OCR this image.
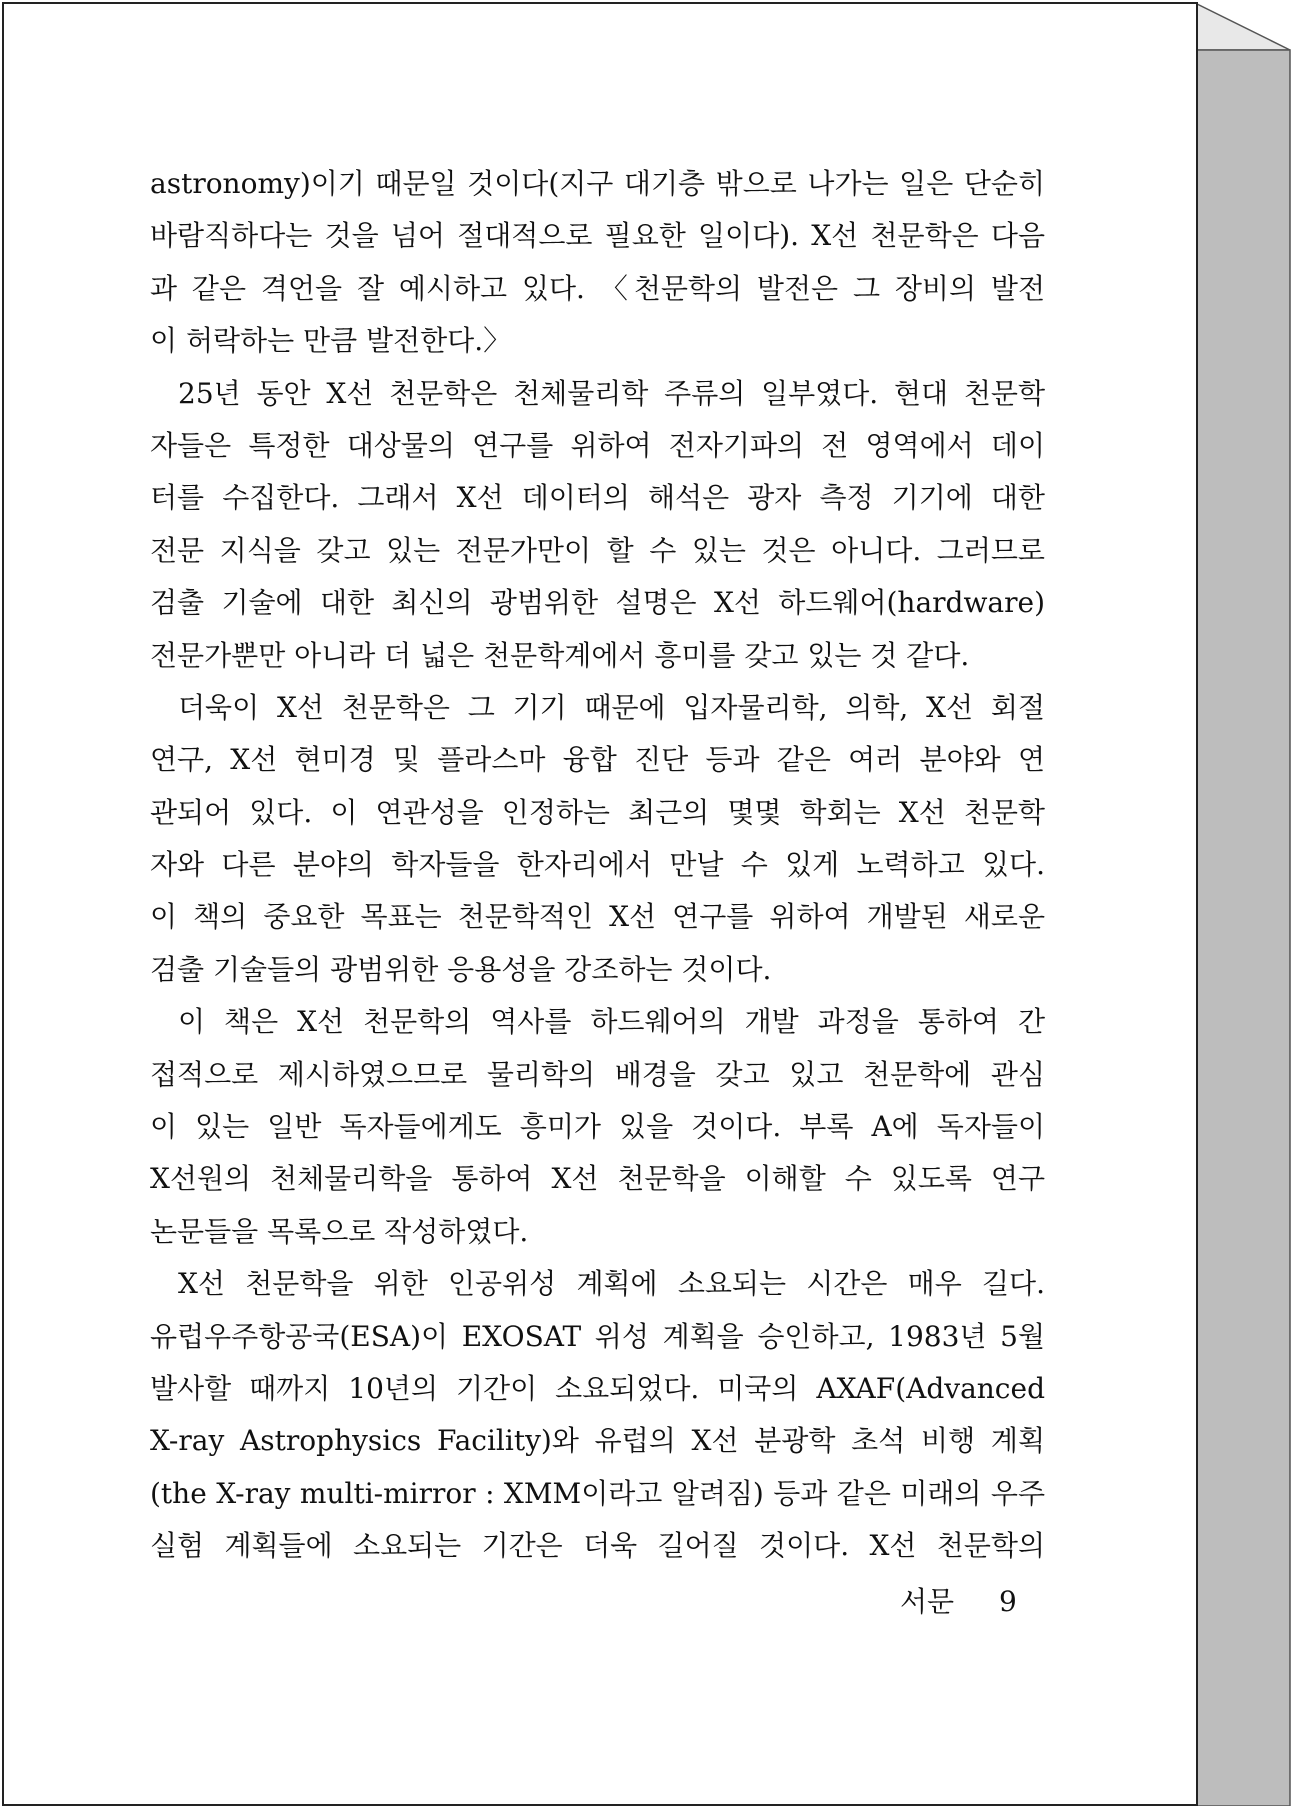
astronomy)이기 때문일 것이다(지구 대기층 밖으로 나가는 일은 단순히
바람직하다는 것을 넘어 절대적으로 필요한 일이다). X선 천문학은 다음
과 같은 격언을 잘 예시하고 있다. 〈천문학의 발전은 그 장비의 발전
이 허락하는 만큼 발전한다.〉
25년 동안 X선 천문학은 천체물리학 주류의 일부였다. 현대 천문학
자들은 특정한 대상물의 연구를 위하여 전자기파의 전 영역에서 데이
터를 수집한다. 그래서 X선 데이터의 해석은 광자 측정 기기에 대한
전문 지식을 갖고 있는 전문가만이 할 수 있는 것은 아니다. 그러므로
검출 기술에 대한 최신의 광범위한 설명은 X선 하드웨어(hardware)
전문가뿐만 아니라 더 넓은 천문학계에서 흥미를 갖고 있는 것 같다.
더욱이 X선 천문학은 그 기기 때문에 입자물리학, 의학, X선 회절
연구, X선 현미경 및 플라스마 융합 진단 등과 같은 여러 분야와 연
관되어 있다. 이 연관성을 인정하는 최근의 몇몇 학회는 X선 천문학
자와 다른 분야의 학자들을 한자리에서 만날 수 있게 노력하고 있다.
이 책의 중요한 목표는 천문학적인 X선 연구를 위하여 개발된 새로운
검출 기술들의 광범위한 응용성을 강조하는 것이다.
이 책은 X선 천문학의 역사를 하드웨어의 개발 과정을 통하여 간
접적으로 제시하였으므로 물리학의 배경을 갖고 있고 천문학에 관심
이 있는 일반 독자들에게도 흥미가 있을 것이다. 부록 A에 독자들이
X선원의 천체물리학을 통하여 X선 천문학을 이해할 수 있도록 연구
논문들을 목록으로 작성하였다.
X선 천문학을 위한 인공위성 계획에 소요되는 시간은 매우 길다.
유럽우주항공국(ESA)이 EXOSAT 위성 계획을 승인하고, 1983년 5월
발사할 때까지 10년의 기간이 소요되었다. 미국의 AXAF(Advanced
X-ray Astrophysics Facility)와 유럽의 X선 분광학 초석 비행 계획
(the X-ray multi-mirror : XMM이라고 알려짐) 등과 같은 미래의 우주
실험 계획들에 소요되는 기간은 더욱 길어질 것이다. X선 천문학의
서문 9
